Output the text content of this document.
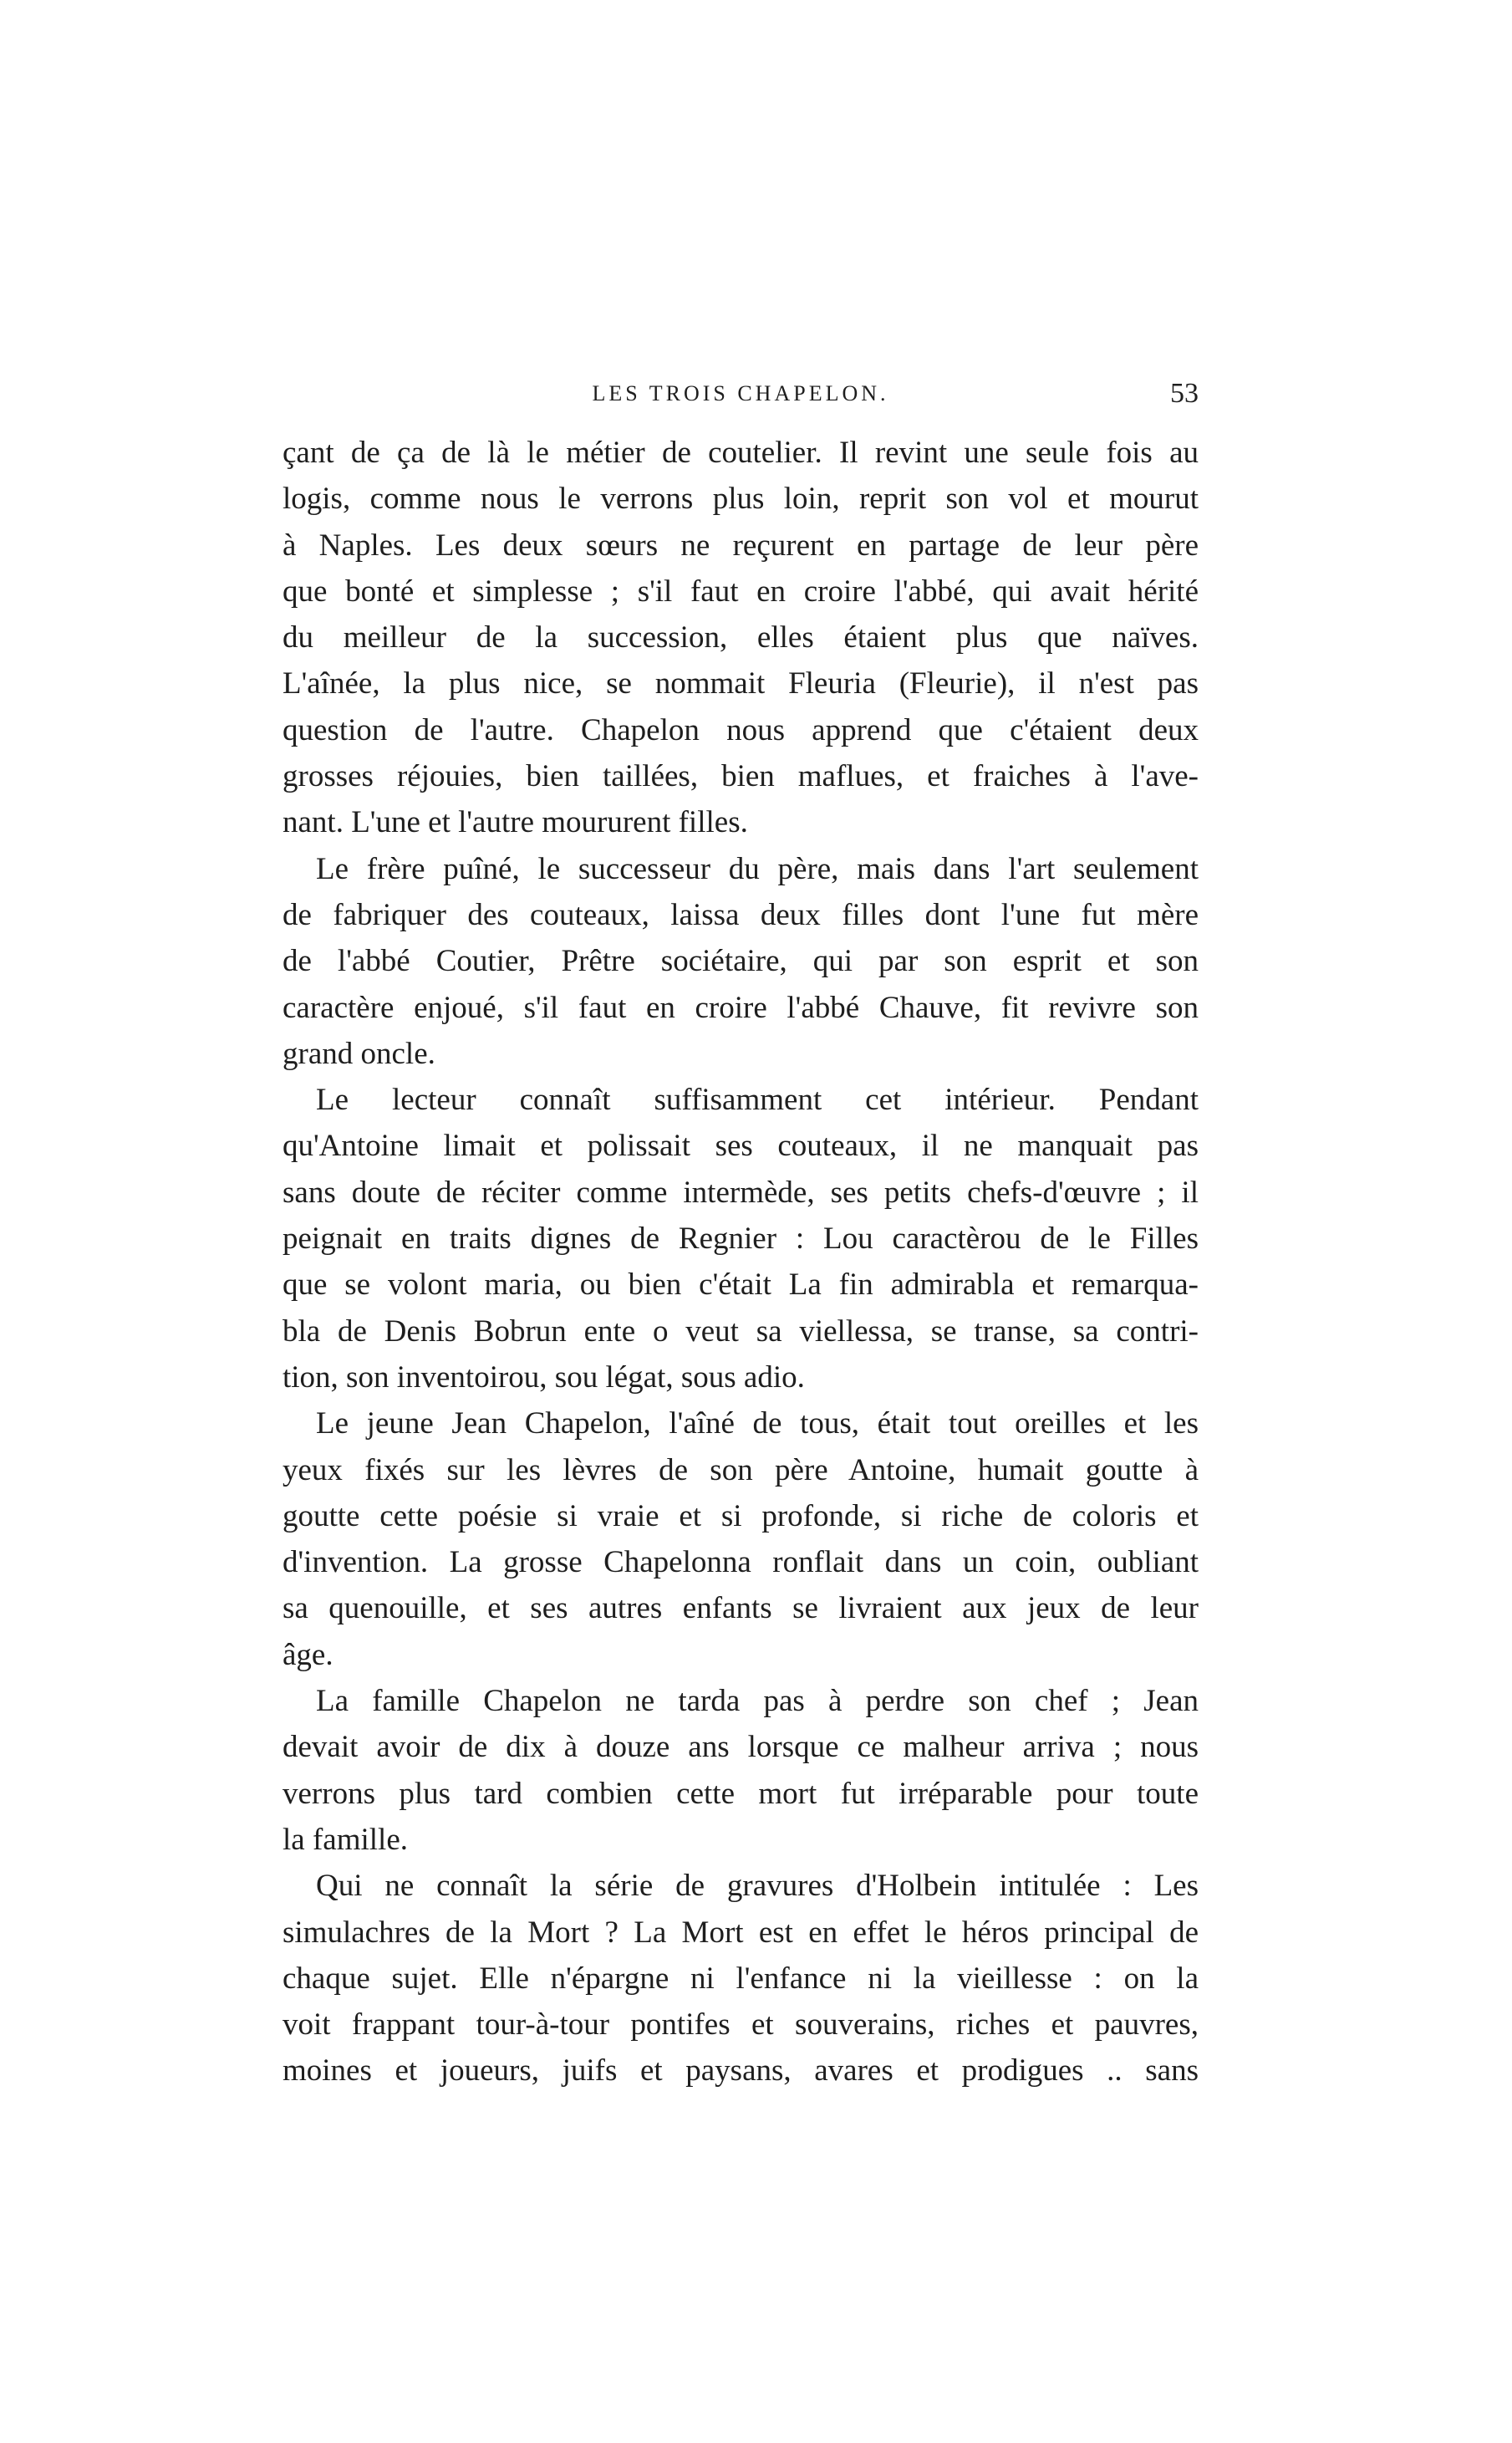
LES TROIS CHAPELON.	53

çant de ça de là le métier de coutelier. Il revint une seule fois au
logis, comme nous le verrons plus loin, reprit son vol et mourut
à Naples. Les deux sœurs ne reçurent en partage de leur père
que bonté et simplesse ; s'il faut en croire l'abbé, qui avait hérité
du meilleur de la succession, elles étaient plus que naïves.
L'aînée, la plus nice, se nommait Fleuria (Fleurie), il n'est pas
question de l'autre. Chapelon nous apprend que c'étaient deux
grosses réjouies, bien taillées, bien maflues, et fraiches à l'ave-
nant. L'une et l'autre moururent filles.

Le frère puîné, le successeur du père, mais dans l'art seulement
de fabriquer des couteaux, laissa deux filles dont l'une fut mère
de l'abbé Coutier, Prêtre sociétaire, qui par son esprit et son
caractère enjoué, s'il faut en croire l'abbé Chauve, fit revivre son
grand oncle.

Le lecteur connaît suffisamment cet intérieur. Pendant
qu'Antoine limait et polissait ses couteaux, il ne manquait pas
sans doute de réciter comme intermède, ses petits chefs-d'œuvre ; il
peignait en traits dignes de Regnier : Lou caractèrou de le Filles
que se volont maria, ou bien c'était La fin admirabla et remarqua-
bla de Denis Bobrun ente o veut sa viellessa, se transe, sa contri-
tion, son inventoirou, sou légat, sous adio.

Le jeune Jean Chapelon, l'aîné de tous, était tout oreilles et les
yeux fixés sur les lèvres de son père Antoine, humait goutte à
goutte cette poésie si vraie et si profonde, si riche de coloris et
d'invention. La grosse Chapelonna ronflait dans un coin, oubliant
sa quenouille, et ses autres enfants se livraient aux jeux de leur
âge.

La famille Chapelon ne tarda pas à perdre son chef ; Jean
devait avoir de dix à douze ans lorsque ce malheur arriva ; nous
verrons plus tard combien cette mort fut irréparable pour toute
la famille.

Qui ne connaît la série de gravures d'Holbein intitulée : Les
simulachres de la Mort ? La Mort est en effet le héros principal de
chaque sujet. Elle n'épargne ni l'enfance ni la vieillesse : on la
voit frappant tour-à-tour pontifes et souverains, riches et pauvres,
moines et joueurs, juifs et paysans, avares et prodigues .. sans
